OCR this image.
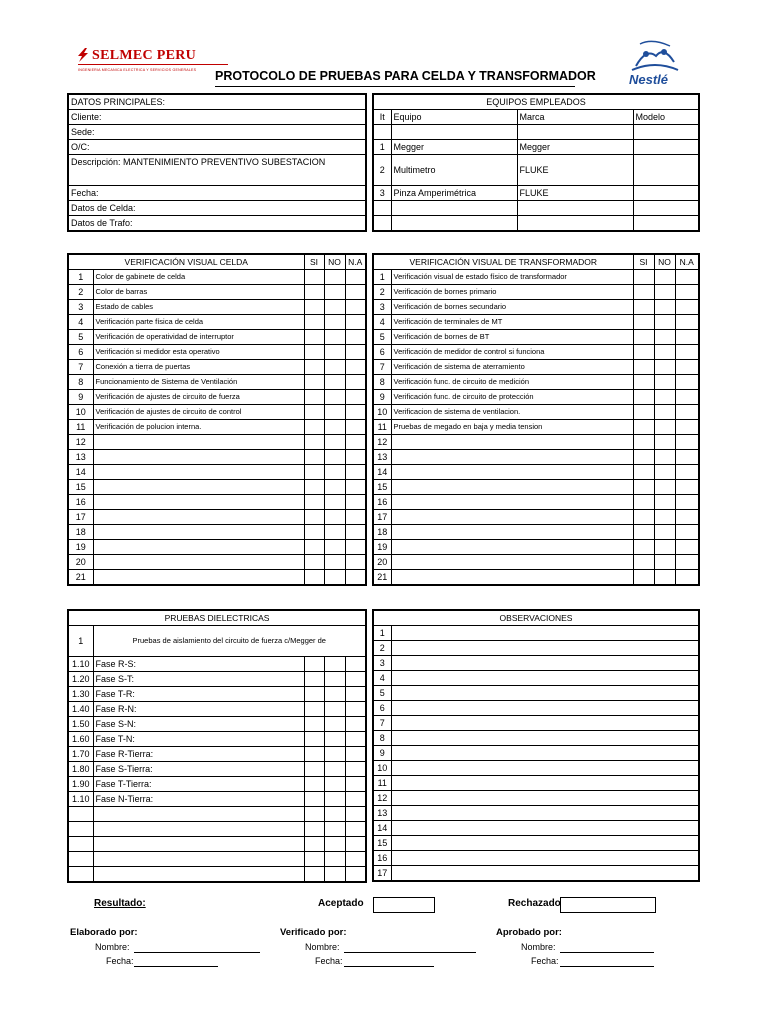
SELMEC PERU
INGENIERIA MECANICA ELECTRICA Y SERVICIOS GENERALES PROTOCOLO DE PRUEBAS PARA CELDA Y TRANSFORMADOR	Nestlé
DATOS PRINCIPALES:
Cliente:
Sede:
O/C:
Descripción: MANTENIMIENTO PREVENTIVO SUBESTACION
Fecha:
Datos de Celda:
Datos de Trafo:
EQUIPOS EMPLEADOS			
It	Equipo	Marca	Modelo

1	Megger	Megger	
2	Multimetro	FLUKE	
3	Pinza Amperimétrica	FLUKE	

VERIFICACIÓN VISUAL CELDA		SI	NO	N.A
1	Color de gabinete de celda			
2	Color de barras			
3	Estado de cables			
4	Verificación parte física de celda			
5	Verificación de operatividad de interruptor			
6	Verificación si medidor esta operativo			
7	Conexión a tierra de puertas			
8	Funcionamiento de Sistema de Ventilación			
9	Verificación de ajustes de circuito de fuerza			
10	Verificación de ajustes de circuito de control			
11	Verificación de polucion interna.			
12				
13				
14				
15				
16				
17				
18				
19				
20				
21				
VERIFICACIÓN VISUAL DE TRANSFORMADOR		SI	NO	N.A
1	Verificación visual de estado físico de transformador			
2	Verificación de bornes primario			
3	Verificación de bornes secundario			
4	Verificación de terminales de MT			
5	Verificación de bornes de BT			
6	Verificación de medidor de control si funciona			
7	Verificación de sistema de aterramiento			
8	Verificación func. de circuito de medición			
9	Verificación func. de circuito de protección			
10	Verificacion de sistema de ventilacion.			
11	Pruebas de megado en baja y media tension			
12				
13				
14				
15				
16				
17				
18				
19				
20				
21				
PRUEBAS DIELECTRICAS				
1	Pruebas de aislamiento del circuito de fuerza c/Megger de			
1.10	Fase R-S:			
1.20	Fase S-T:			
1.30	Fase T-R:			
1.40	Fase R-N:			
1.50	Fase S-N:			
1.60	Fase T-N:			
1.70	Fase R-Tierra:			
1.80	Fase S-Tierra:			
1.90	Fase T-Tierra:			
1.10	Fase N-Tierra:			

OBSERVACIONES	
1	
2	
3	
4	
5	
6	
7	
8	
9	
10	
11	
12	
13	
14	
15	
16	
17	
Resultado:	Aceptado	Rechazado
Elaborado por:
Nombre:
Fecha:
Verificado por:
Nombre:
Fecha:
Aprobado por:
Nombre:
Fecha:
